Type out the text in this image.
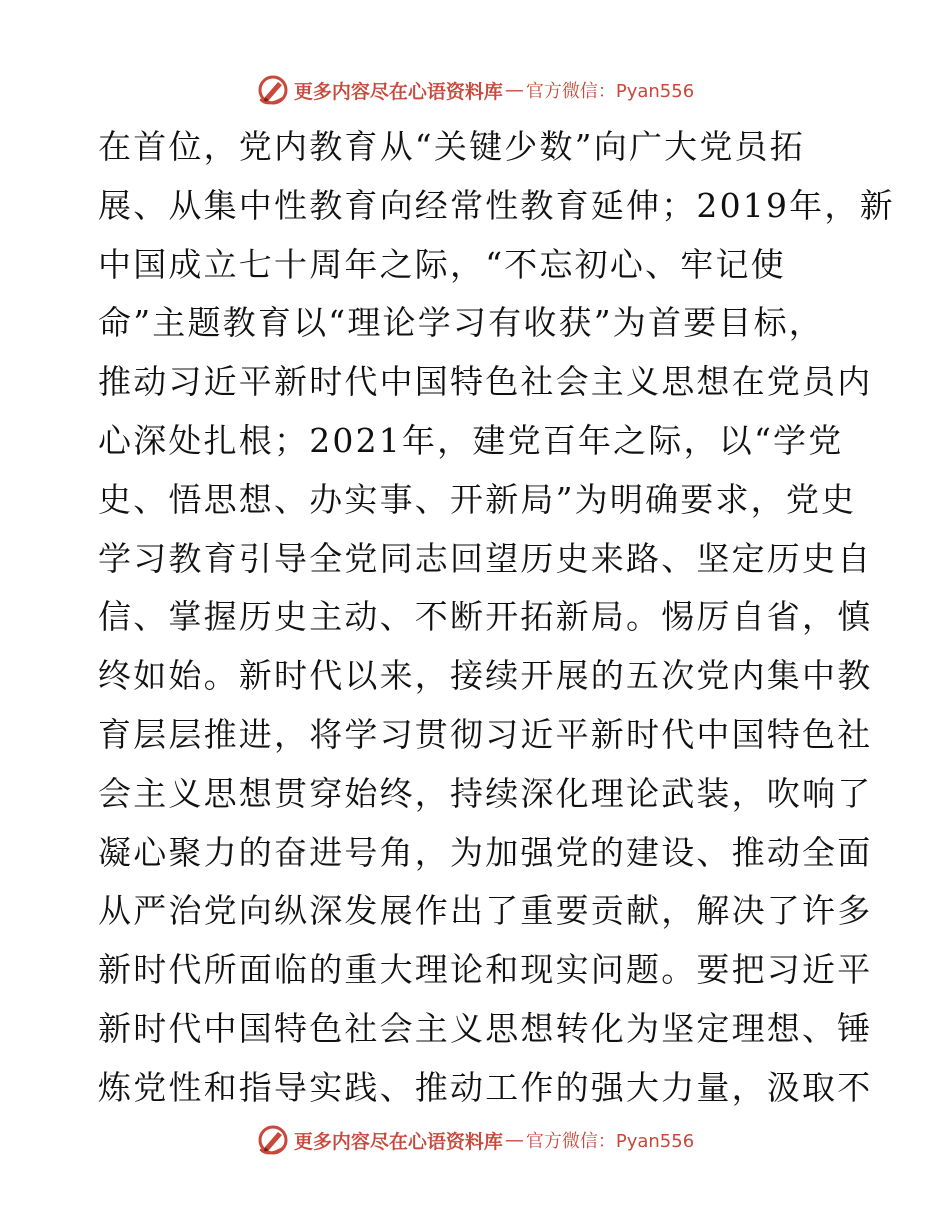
更多内容尽在心语资料库 — 官方微信：Pyan556
在首位，党内教育从“关键少数”向广大党员拓
展、从集中性教育向经常性教育延伸；2019年，新
中国成立七十周年之际，“不忘初心、牢记使
命”主题教育以“理论学习有收获”为首要目标，
推动习近平新时代中国特色社会主义思想在党员内
心深处扎根；2021年，建党百年之际，以“学党
史、悟思想、办实事、开新局”为明确要求，党史
学习教育引导全党同志回望历史来路、坚定历史自
信、掌握历史主动、不断开拓新局。惕厉自省，慎
终如始。新时代以来，接续开展的五次党内集中教
育层层推进，将学习贯彻习近平新时代中国特色社
会主义思想贯穿始终，持续深化理论武装，吹响了
凝心聚力的奋进号角，为加强党的建设、推动全面
从严治党向纵深发展作出了重要贡献，解决了许多
新时代所面临的重大理论和现实问题。要把习近平
新时代中国特色社会主义思想转化为坚定理想、锤
炼党性和指导实践、推动工作的强大力量，汲取不
更多内容尽在心语资料库 — 官方微信：Pyan556
